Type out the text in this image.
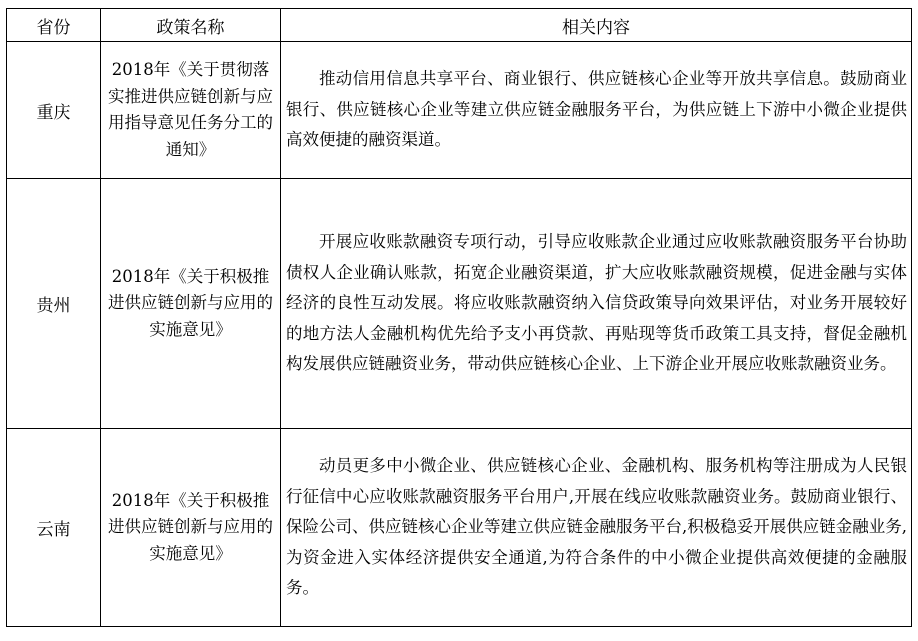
省份	政策名称	相关内容
重庆	2018年《关于贯彻落实推进供应链创新与应用指导意见任务分工的通知》	推动信用信息共享平台、商业银行、供应链核心企业等开放共享信息。鼓励商业银行、供应链核心企业等建立供应链金融服务平台，为供应链上下游中小微企业提供高效便捷的融资渠道。
贵州	2018年《关于积极推进供应链创新与应用的实施意见》	开展应收账款融资专项行动，引导应收账款企业通过应收账款融资服务平台协助债权人企业确认账款，拓宽企业融资渠道，扩大应收账款融资规模，促进金融与实体经济的良性互动发展。将应收账款融资纳入信贷政策导向效果评估，对业务开展较好的地方法人金融机构优先给予支小再贷款、再贴现等货币政策工具支持，督促金融机构发展供应链融资业务，带动供应链核心企业、上下游企业开展应收账款融资业务。
云南	2018年《关于积极推进供应链创新与应用的实施意见》	动员更多中小微企业、供应链核心企业、金融机构、服务机构等注册成为人民银行征信中心应收账款融资服务平台用户,开展在线应收账款融资业务。鼓励商业银行、保险公司、供应链核心企业等建立供应链金融服务平台,积极稳妥开展供应链金融业务,为资金进入实体经济提供安全通道,为符合条件的中小微企业提供高效便捷的金融服务。
